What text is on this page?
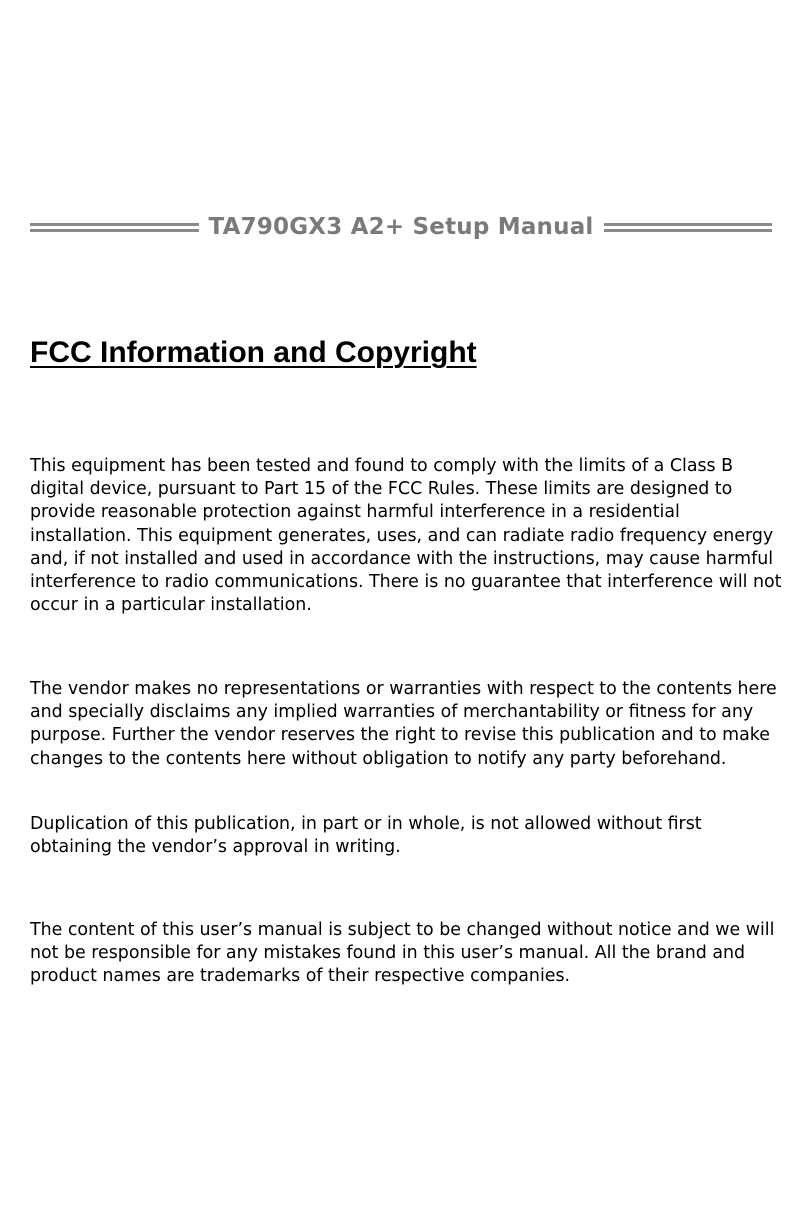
TA790GX3 A2+ Setup Manual
FCC Information and Copyright

This equipment has been tested and found to comply with the limits of a Class B digital device, pursuant to Part 15 of the FCC Rules. These limits are designed to provide reasonable protection against harmful interference in a residential installation. This equipment generates, uses, and can radiate radio frequency energy and, if not installed and used in accordance with the instructions, may cause harmful interference to radio communications. There is no guarantee that interference will not occur in a particular installation.

The vendor makes no representations or warranties with respect to the contents here and specially disclaims any implied warranties of merchantability or fitness for any purpose. Further the vendor reserves the right to revise this publication and to make changes to the contents here without obligation to notify any party beforehand.

Duplication of this publication, in part or in whole, is not allowed without first obtaining the vendor’s approval in writing.

The content of this user’s manual is subject to be changed without notice and we will not be responsible for any mistakes found in this user’s manual. All the brand and product names are trademarks of their respective companies.
